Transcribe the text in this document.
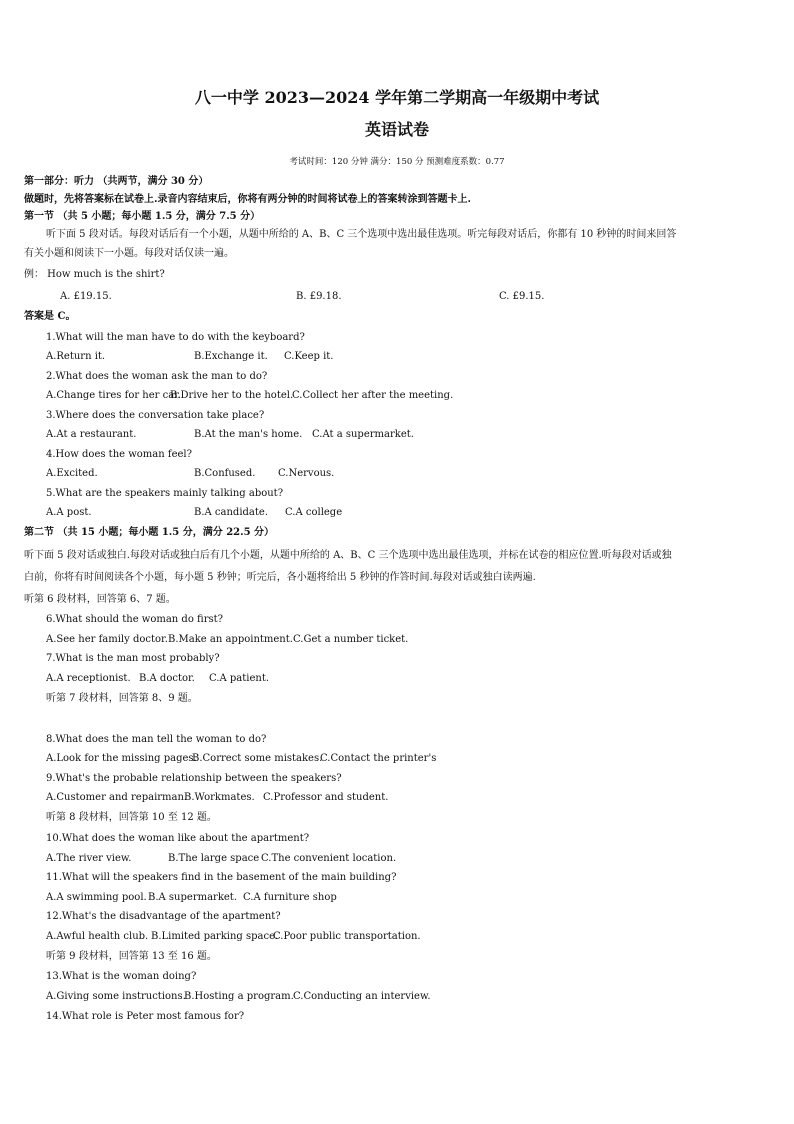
八一中学 2023—2024 学年第二学期高一年级期中考试
英语试卷
考试时间：120 分钟 满分：150 分 预测难度系数：0.77
第一部分：听力 （共两节，满分 30 分）
做题时，先将答案标在试卷上.录音内容结束后，你将有两分钟的时间将试卷上的答案转涂到答题卡上.
第一节 （共 5 小题；每小题 1.5 分，满分 7.5 分）
听下面 5 段对话。每段对话后有一个小题，从题中所给的 A、B、C 三个选项中选出最佳选项。听完每段对话后，你都有 10 秒钟的时间来回答
有关小题和阅读下一小题。每段对话仅读一遍。
例： How much is the shirt?
A. £19.15.	B. £9.18.	C. £9.15.
答案是 C。
1.What will the man have to do with the keyboard?
A.Return it.	B.Exchange it. C.Keep it.
2.What does the woman ask the man to do?
A.Change tires for her car.
B.Drive her to the hotel.
C.Collect her after the meeting.
3.Where does the conversation take place?
A.At a restaurant.	B.At the man's home. C.At a supermarket.
4.How does the woman feel?
A.Excited.	B.Confused. C.Nervous.
5.What are the speakers mainly talking about?
A.A post.	B.A candidate. C.A college
第二节 （共 15 小题；每小题 1.5 分，满分 22.5 分）
听下面 5 段对话或独白.每段对话或独白后有几个小题，从题中所给的 A、B、C 三个选项中选出最佳选项，并标在试卷的相应位置.听每段对话或独
白前，你将有时间阅读各个小题，每小题 5 秒钟；听完后，各小题将给出 5 秒钟的作答时间.每段对话或独白读两遍.
听第 6 段材料，回答第 6、7 题。
6.What should the woman do first?
A.See her family doctor. B.Make an appointment. C.Get a number ticket.
7.What is the man most probably?
A.A receptionist. B.A doctor. C.A patient.
听第 7 段材料，回答第 8、9 题。
8.What does the man tell the woman to do?
A.Look for the missing pages.
B.Correct some mistakes.
C.Contact the printer's
9.What's the probable relationship between the speakers?
A.Customer and repairman.
B.Workmates. C.Professor and student.
听第 8 段材料，回答第 10 至 12 题。
10.What does the woman like about the apartment?
A.The river view.	B.The large space C.The convenient location.
11.What will the speakers find in the basement of the main building?
A.A swimming pool. B.A supermarket. C.A furniture shop
12.What's the disadvantage of the apartment?
A.Awful health club. B.Limited parking space.
C.Poor public transportation.
听第 9 段材料，回答第 13 至 16 题。
13.What is the woman doing?
A.Giving some instructions.
B.Hosting a program. C.Conducting an interview.
14.What role is Peter most famous for?
